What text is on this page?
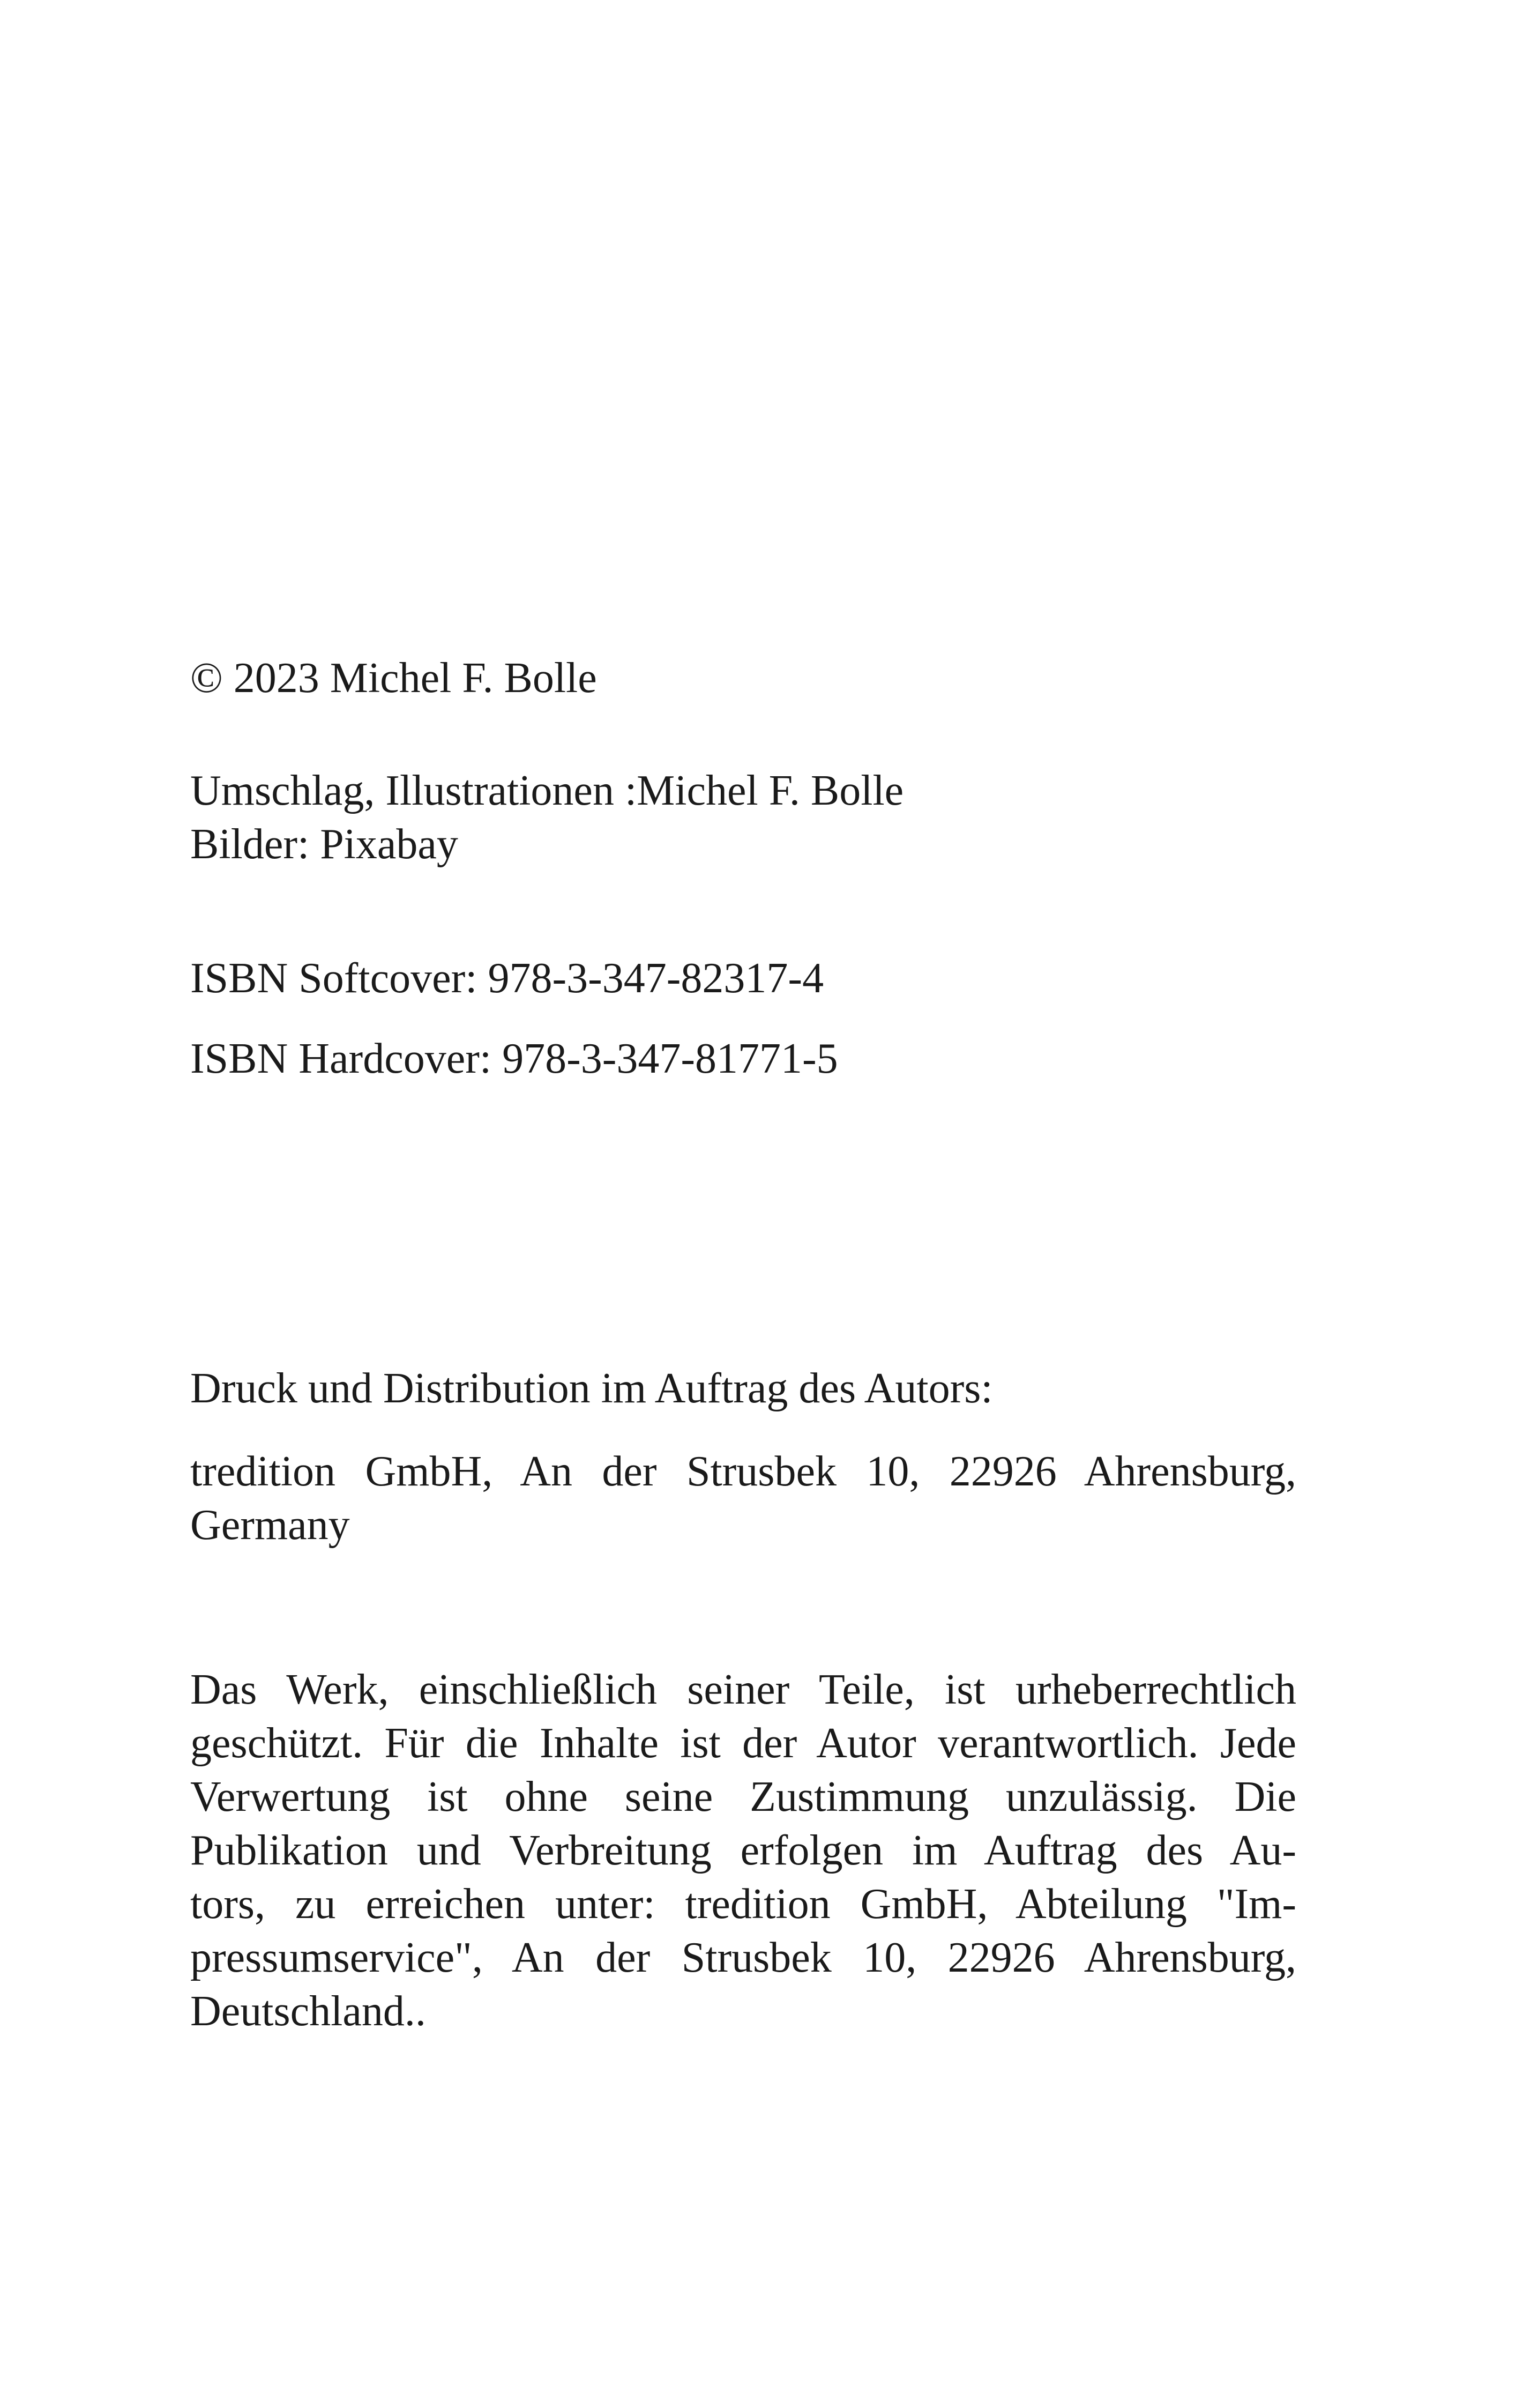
© 2023 Michel F. Bolle

Umschlag, Illustrationen :Michel F. Bolle

Bilder: Pixabay

ISBN Softcover: 978-3-347-82317-4

ISBN Hardcover: 978-3-347-81771-5

Druck und Distribution im Auftrag des Autors:

tredition GmbH, An der Strusbek 10, 22926 Ahrensburg,
Germany
Das Werk, einschließlich seiner Teile, ist urheberrechtlich
geschützt. Für die Inhalte ist der Autor verantwortlich. Jede
Verwertung ist ohne seine Zustimmung unzulässig. Die
Publikation und Verbreitung erfolgen im Auftrag des Au-
tors, zu erreichen unter: tredition GmbH, Abteilung "Im-
pressumservice", An der Strusbek 10, 22926 Ahrensburg,
Deutschland..
